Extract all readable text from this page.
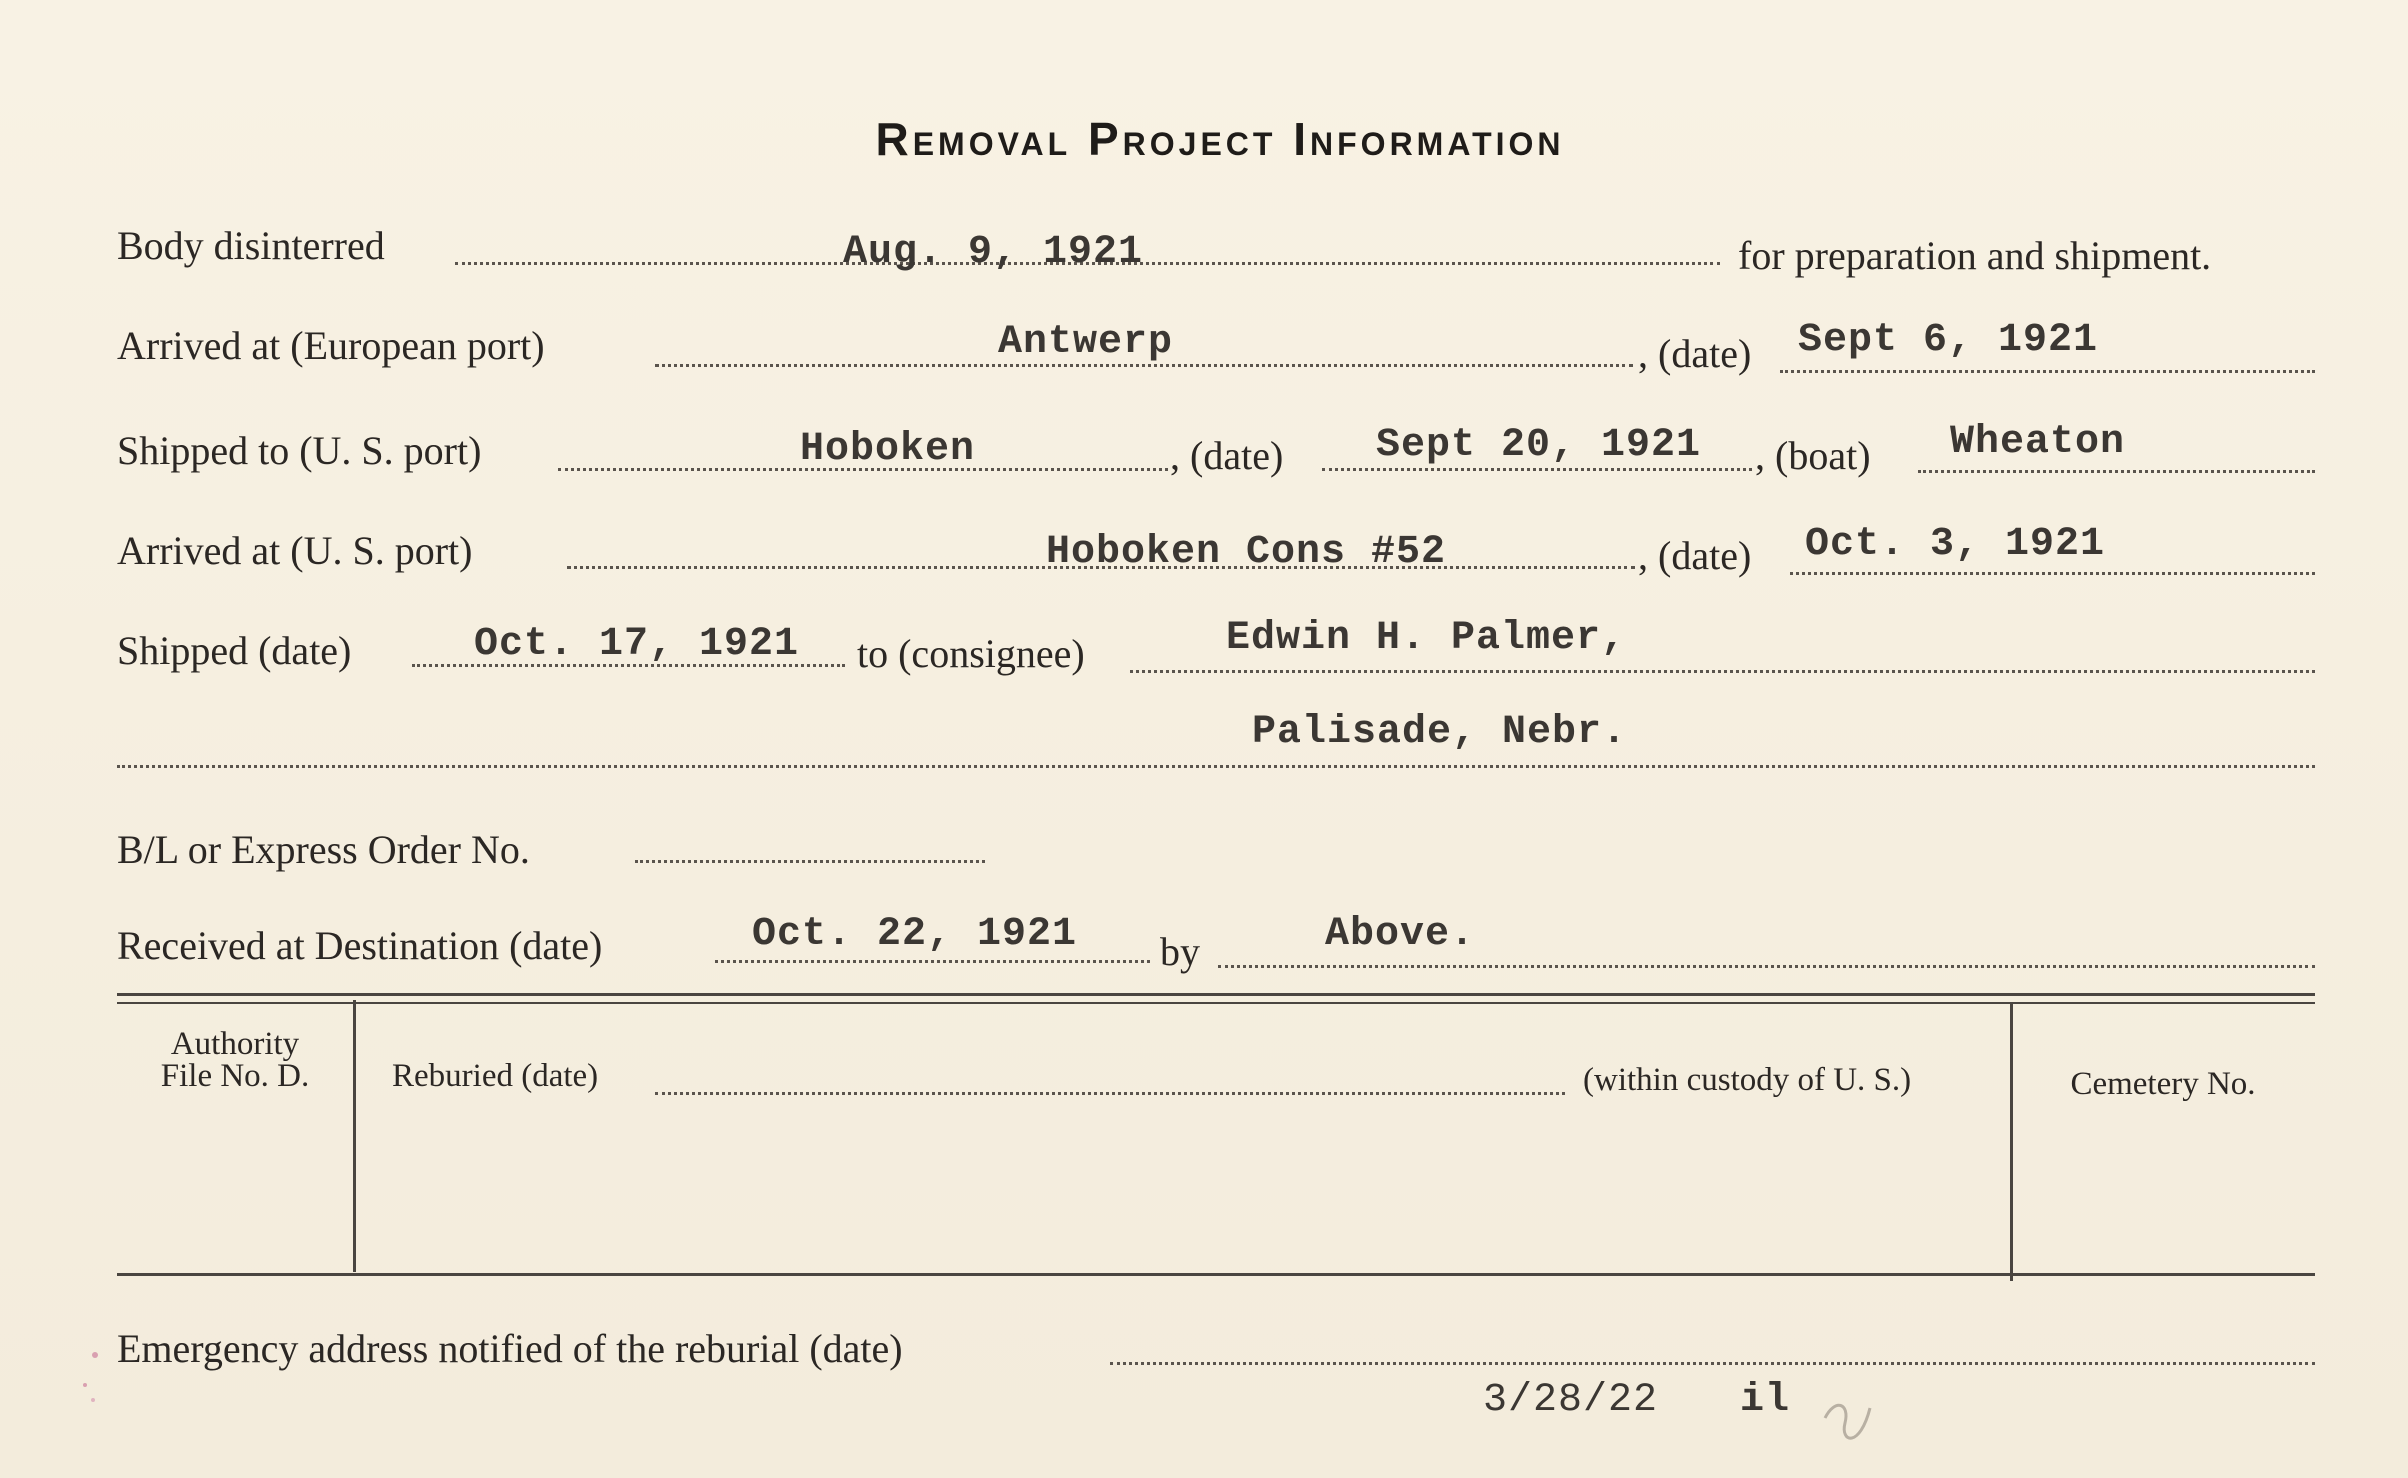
Removal Project Information
Body disinterred	Aug. 9, 1921	for preparation and shipment.
Arrived at (European port)	Antwerp	, (date) Sept 6, 1921
Shipped to (U. S. port)	Hoboken	, (date) Sept 20, 1921 , (boat) Wheaton
Arrived at (U. S. port)	Hoboken Cons #52	, (date) Oct. 3, 1921
Shipped (date)	Oct. 17, 1921 to (consignee)	Edwin H. Palmer,
Palisade, Nebr.
B/L or Express Order No.
Received at Destination (date)	Oct. 22, 1921 by	Above.
Authority
File No. D.	Reburied (date)	(within custody of U. S.)	Cemetery No.
Emergency address notified of the reburial (date)
3/28/22 il
